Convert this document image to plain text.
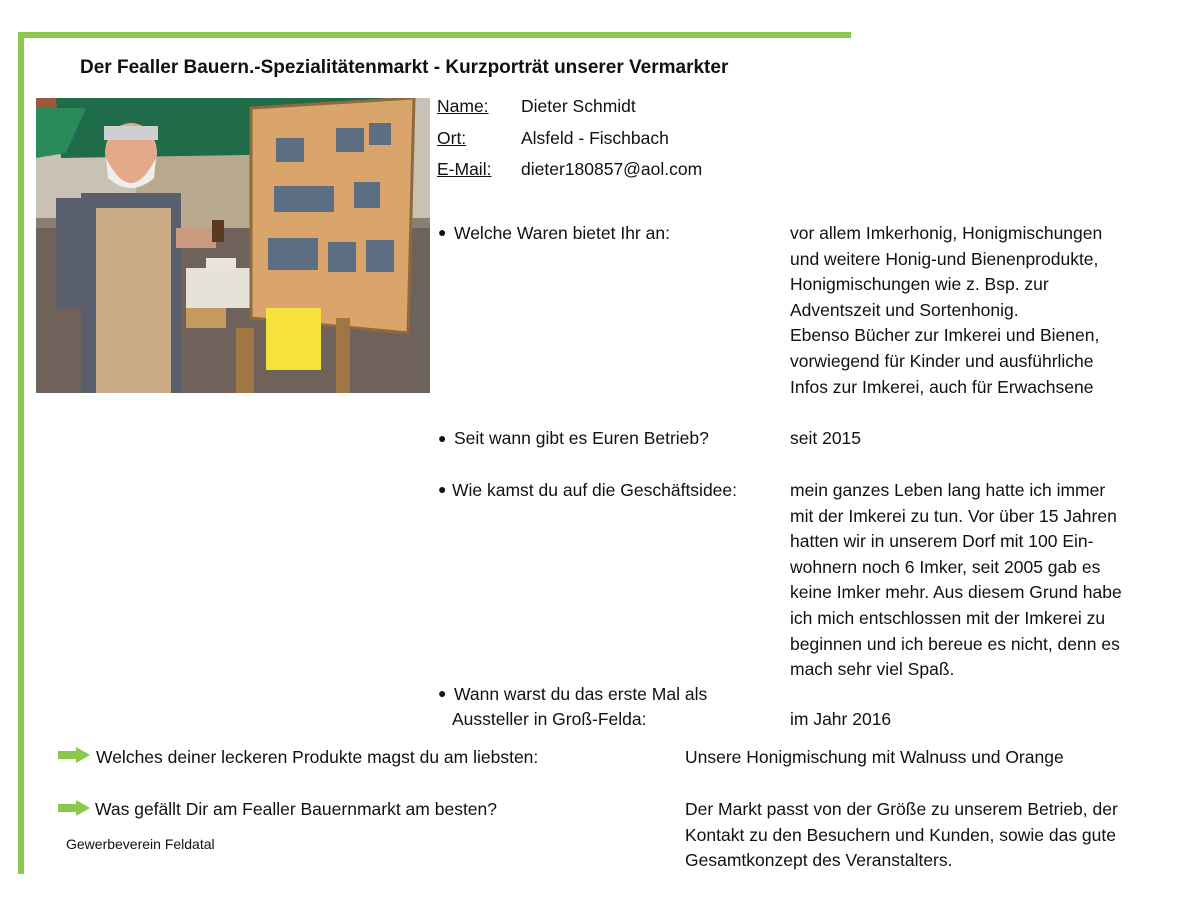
Der Fealler Bauern.-Spezialitätenmarkt - Kurzporträt unserer Vermarkter
Name: Dieter Schmidt
Ort:	Alsfeld - Fischbach
E-Mail: dieter180857@aol.com
● Welche Waren bietet Ihr an:	vor allem Imkerhonig, Honigmischungen
und weitere Honig-und Bienenprodukte,
Honigmischungen wie z. Bsp. zur
Adventszeit und Sortenhonig.
Ebenso Bücher zur Imkerei und Bienen,
vorwiegend für Kinder und ausführliche
Infos zur Imkerei, auch für Erwachsene
● Seit wann gibt es Euren Betrieb?	seit 2015
● Wie kamst du auf die Geschäftsidee:	mein ganzes Leben lang hatte ich immer
mit der Imkerei zu tun. Vor über 15 Jahren
hatten wir in unserem Dorf mit 100 Ein-
wohnern noch 6 Imker, seit 2005 gab es
keine Imker mehr. Aus diesem Grund habe
ich mich entschlossen mit der Imkerei zu
beginnen und ich bereue es nicht, denn es
mach sehr viel Spaß.
● Wann warst du das erste Mal als
Aussteller in Groß-Felda:	im Jahr 2016
Welches deiner leckeren Produkte magst du am liebsten:	Unsere Honigmischung mit Walnuss und Orange
Was gefällt Dir am Fealler Bauernmarkt am besten?	Der Markt passt von der Größe zu unserem Betrieb, der
Kontakt zu den Besuchern und Kunden, sowie das gute
Gesamtkonzept des Veranstalters.
Gewerbeverein Feldatal
